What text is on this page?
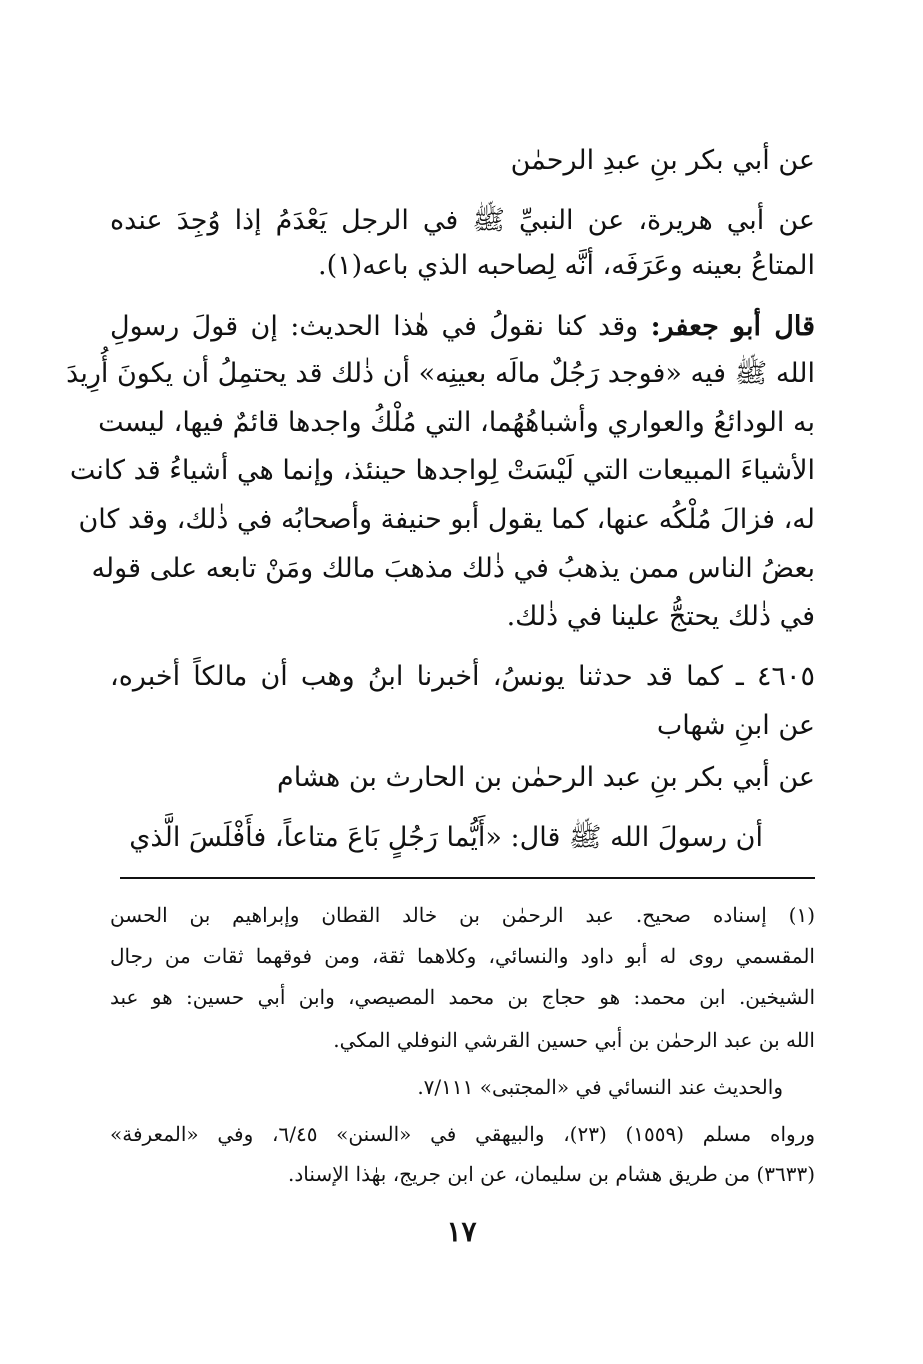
عن أبي بكر بنِ عبدِ الرحمٰن

عن أبي هريرة، عن النبيِّ ﷺ في الرجل يَعْدَمُ إذا وُجِدَ عنده

المتاعُ بعينه وعَرَفَه، أنَّه لِصاحبه الذي باعه(١).

قال أبو جعفر: وقد كنا نقولُ في هٰذا الحديث: إن قولَ رسولِ

الله ﷺ فيه «فوجد رَجُلٌ مالَه بعينِه» أن ذٰلك قد يحتمِلُ أن يكونَ أُرِيدَ

به الودائعُ والعواري وأشباهُهُما، التي مُلْكُ واجدها قائمٌ فيها، ليست

الأشياءَ المبيعات التي لَيْسَتْ لِواجدها حينئذ، وإنما هي أشياءُ قد كانت

له، فزالَ مُلْكُه عنها، كما يقول أبو حنيفة وأصحابُه في ذٰلك، وقد كان

بعضُ الناس ممن يذهبُ في ذٰلك مذهبَ مالك ومَنْ تابعه على قوله

في ذٰلك يحتجُّ علينا في ذٰلك.

٤٦٠٥ ـ كما قد حدثنا يونسُ، أخبرنا ابنُ وهب أن مالكاً أخبره،

عن ابنِ شهاب

عن أبي بكر بنِ عبد الرحمٰن بن الحارث بن هشام

أن رسولَ الله ﷺ قال: «أَيُّما رَجُلٍ بَاعَ متاعاً، فأَفْلَسَ الَّذي

(١) إسناده صحيح. عبد الرحمٰن بن خالد القطان وإبراهيم بن الحسن

المقسمي روى له أبو داود والنسائي، وكلاهما ثقة، ومن فوقهما ثقات من رجال

الشيخين. ابن محمد: هو حجاج بن محمد المصيصي، وابن أبي حسين: هو عبد

الله بن عبد الرحمٰن بن أبي حسين القرشي النوفلي المكي.

والحديث عند النسائي في «المجتبى» ٧/١١١.

ورواه مسلم (١٥٥٩) (٢٣)، والبيهقي في «السنن» ٦/٤٥، وفي «المعرفة»

(٣٦٣٣) من طريق هشام بن سليمان، عن ابن جريج، بهٰذا الإسناد.

١٧
